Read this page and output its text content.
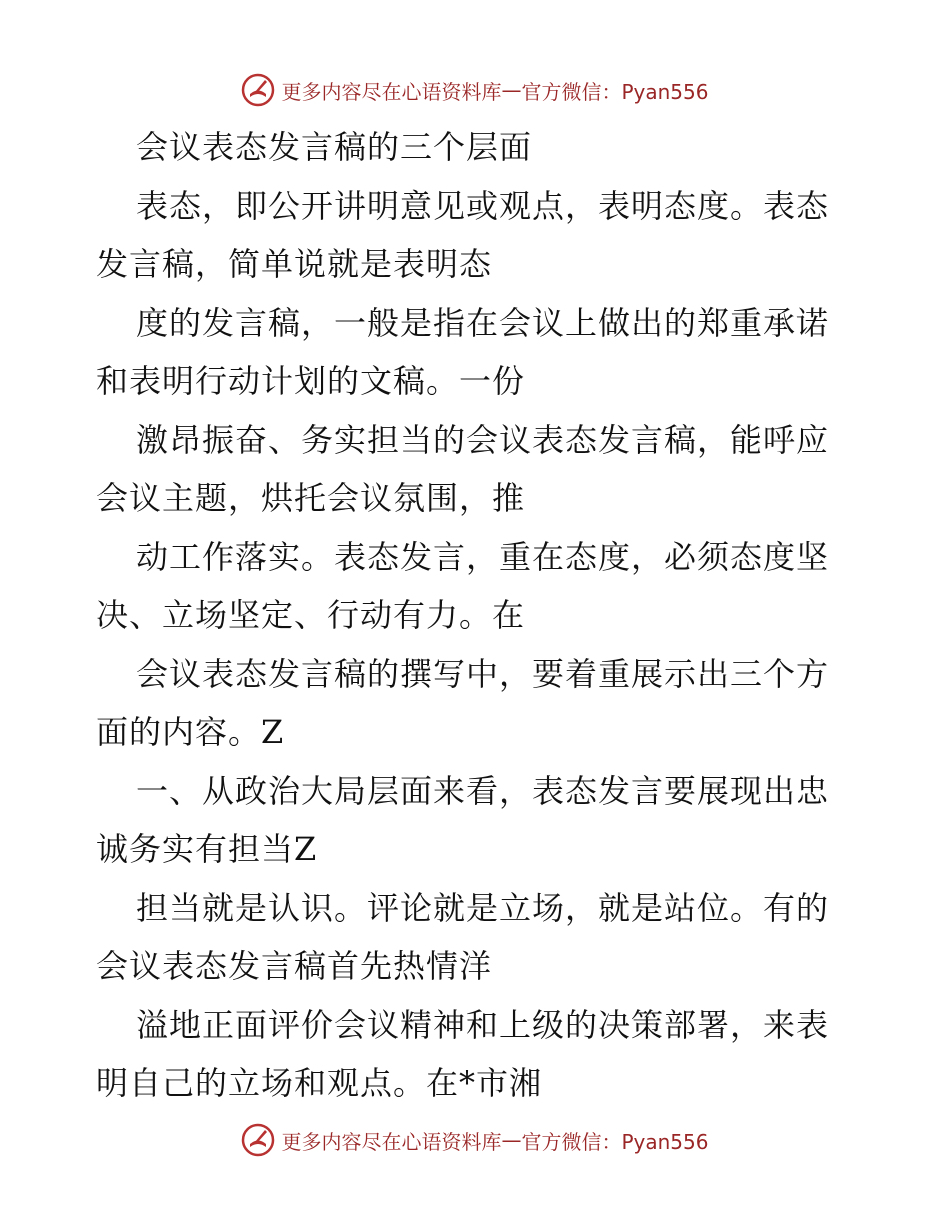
更多内容尽在心语资料库 — 官方微信：Pyan556
会议表态发言稿的三个层面
表态，即公开讲明意见或观点，表明态度。表态
发言稿，简单说就是表明态
度的发言稿，一般是指在会议上做出的郑重承诺
和表明行动计划的文稿。一份
激昂振奋、务实担当的会议表态发言稿，能呼应
会议主题，烘托会议氛围，推
动工作落实。表态发言，重在态度，必须态度坚
决、立场坚定、行动有力。在
会议表态发言稿的撰写中，要着重展示出三个方
面的内容。Z
一、从政治大局层面来看，表态发言要展现出忠
诚务实有担当Z
担当就是认识。评论就是立场，就是站位。有的
会议表态发言稿首先热情洋
溢地正面评价会议精神和上级的决策部署，来表
明自己的立场和观点。在*市湘
更多内容尽在心语资料库 — 官方微信：Pyan556
